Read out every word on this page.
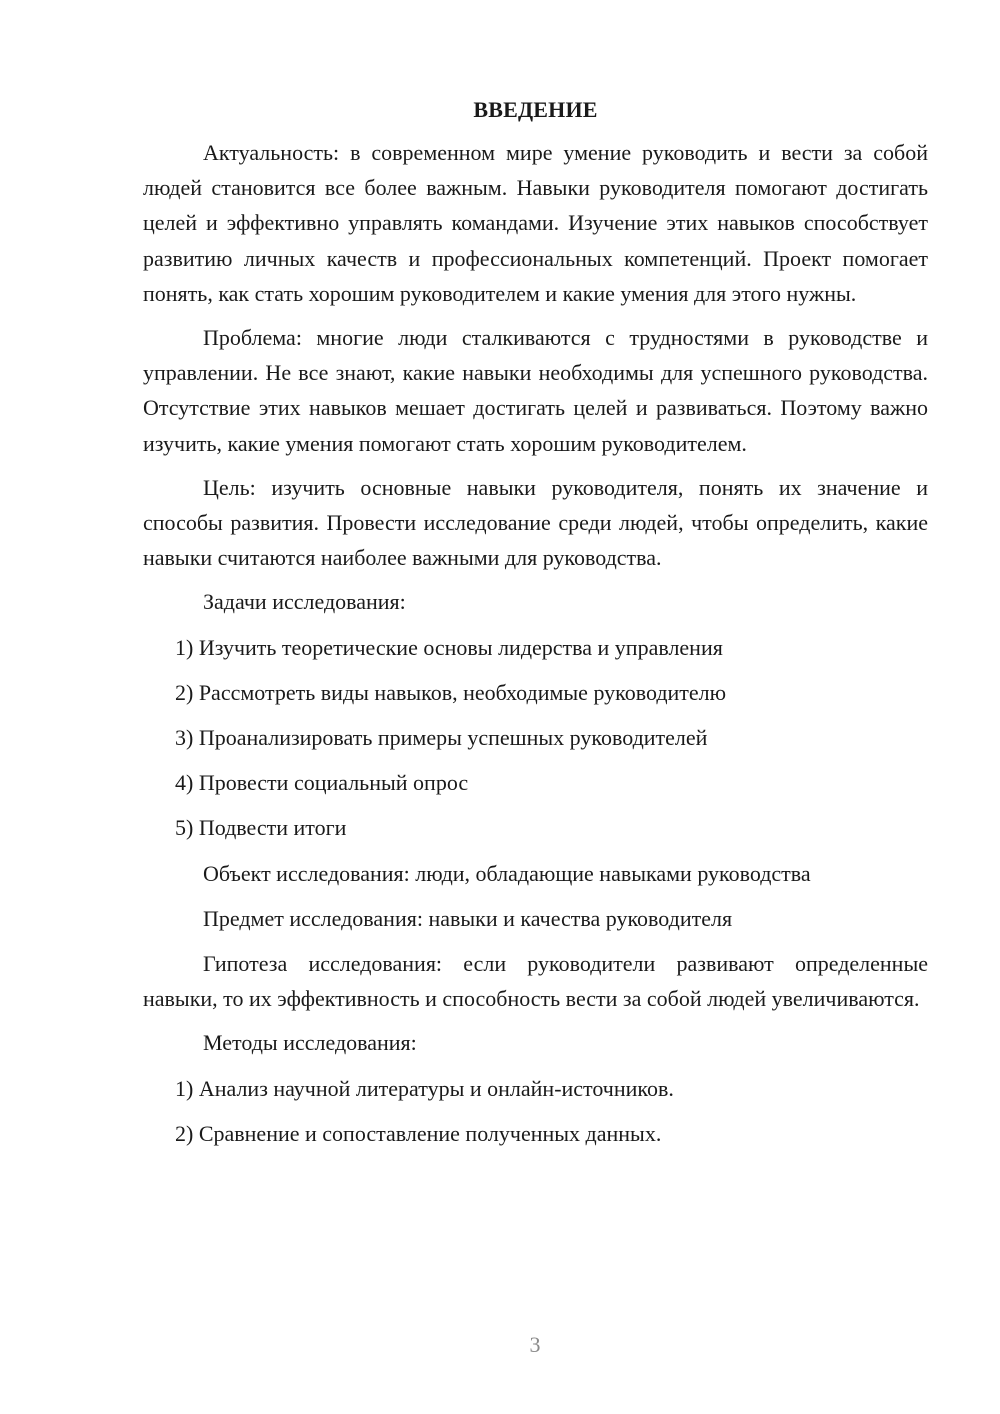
ВВЕДЕНИЕ

Актуальность: в современном мире умение руководить и вести за собой людей становится все более важным. Навыки руководителя помогают достигать целей и эффективно управлять командами. Изучение этих навыков способствует развитию личных качеств и профессиональных компетенций. Проект помогает понять, как стать хорошим руководителем и какие умения для этого нужны.

Проблема: многие люди сталкиваются с трудностями в руководстве и управлении. Не все знают, какие навыки необходимы для успешного руководства. Отсутствие этих навыков мешает достигать целей и развиваться. Поэтому важно изучить, какие умения помогают стать хорошим руководителем.

Цель: изучить основные навыки руководителя, понять их значение и способы развития. Провести исследование среди людей, чтобы определить, какие навыки считаются наиболее важными для руководства.

Задачи исследования:
1) Изучить теоретические основы лидерства и управления
2) Рассмотреть виды навыков, необходимые руководителю
3) Проанализировать примеры успешных руководителей
4) Провести социальный опрос
5) Подвести итоги
Объект исследования: люди, обладающие навыками руководства
Предмет исследования: навыки и качества руководителя

Гипотеза исследования: если руководители развивают определенные навыки, то их эффективность и способность вести за собой людей увеличиваются.

Методы исследования:
1) Анализ научной литературы и онлайн-источников.
2) Сравнение и сопоставление полученных данных.
3
